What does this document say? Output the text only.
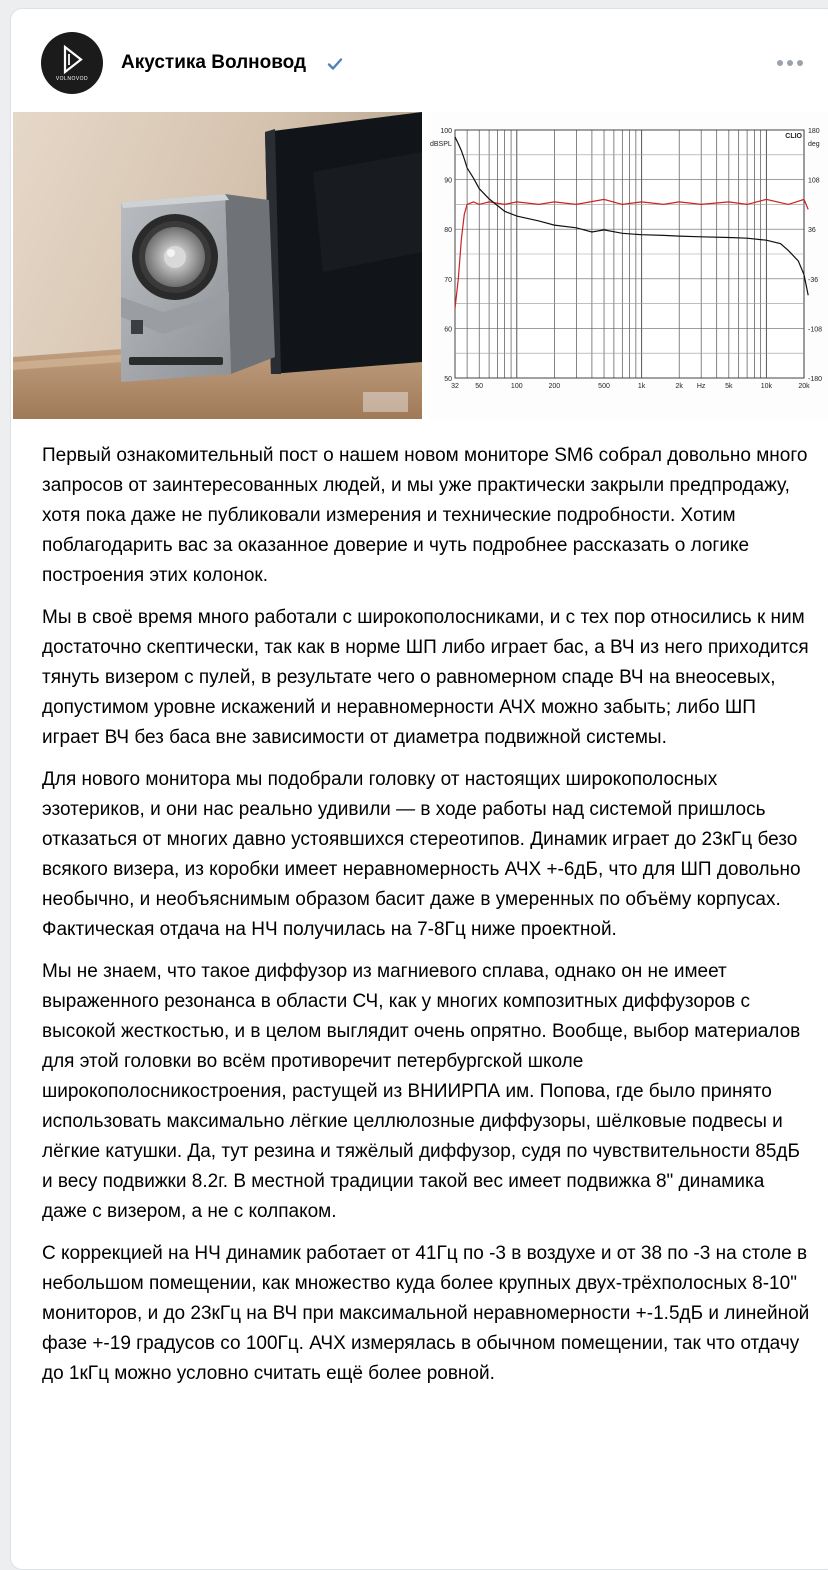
VOLNOVOD
Акустика Волновод
100
90
80
70
60
50
180
108
36
-36
-108
-180
32 50	100	200	500	1k	2k Hz	5k	10k	20k
dBSPL	deg
CLIO

Первый ознакомительный пост о нашем новом мониторе SM6 собрал довольно много запросов от заинтересованных людей, и мы уже практически закрыли предпродажу, хотя пока даже не публиковали измерения и технические подробности. Хотим поблагодарить вас за оказанное доверие и чуть подробнее рассказать о логике построения этих колонок.

Мы в своё время много работали с широкополосниками, и с тех пор относились к ним достаточно скептически, так как в норме ШП либо играет бас, а ВЧ из него приходится тянуть визером с пулей, в результате чего о равномерном спаде ВЧ на внеосевых, допустимом уровне искажений и неравномерности АЧХ можно забыть; либо ШП играет ВЧ без баса вне зависимости от диаметра подвижной системы.

Для нового монитора мы подобрали головку от настоящих широкополосных эзотериков, и они нас реально удивили — в ходе работы над системой пришлось отказаться от многих давно устоявшихся стереотипов. Динамик играет до 23кГц безо всякого визера, из коробки имеет неравномерность АЧХ +-6дБ, что для ШП довольно необычно, и необъяснимым образом басит даже в умеренных по объёму корпусах. Фактическая отдача на НЧ получилась на 7-8Гц ниже проектной.

Мы не знаем, что такое диффузор из магниевого сплава, однако он не имеет выраженного резонанса в области СЧ, как у многих композитных диффузоров с высокой жесткостью, и в целом выглядит очень опрятно. Вообще, выбор материалов для этой головки во всём противоречит петербургской школе широкополосникостроения, растущей из ВНИИРПА им. Попова, где было принято использовать максимально лёгкие целлюлозные диффузоры, шёлковые подвесы и лёгкие катушки. Да, тут резина и тяжёлый диффузор, судя по чувствительности 85дБ и весу подвижки 8.2г. В местной традиции такой вес имеет подвижка 8" динамика даже с визером, а не с колпаком.

С коррекцией на НЧ динамик работает от 41Гц по -3 в воздухе и от 38 по -3 на столе в небольшом помещении, как множество куда более крупных двух-трёхполосных 8-10" мониторов, и до 23кГц на ВЧ при максимальной неравномерности +-1.5дБ и линейной фазе +-19 градусов со 100Гц. АЧХ измерялась в обычном помещении, так что отдачу до 1кГц можно условно считать ещё более ровной.
